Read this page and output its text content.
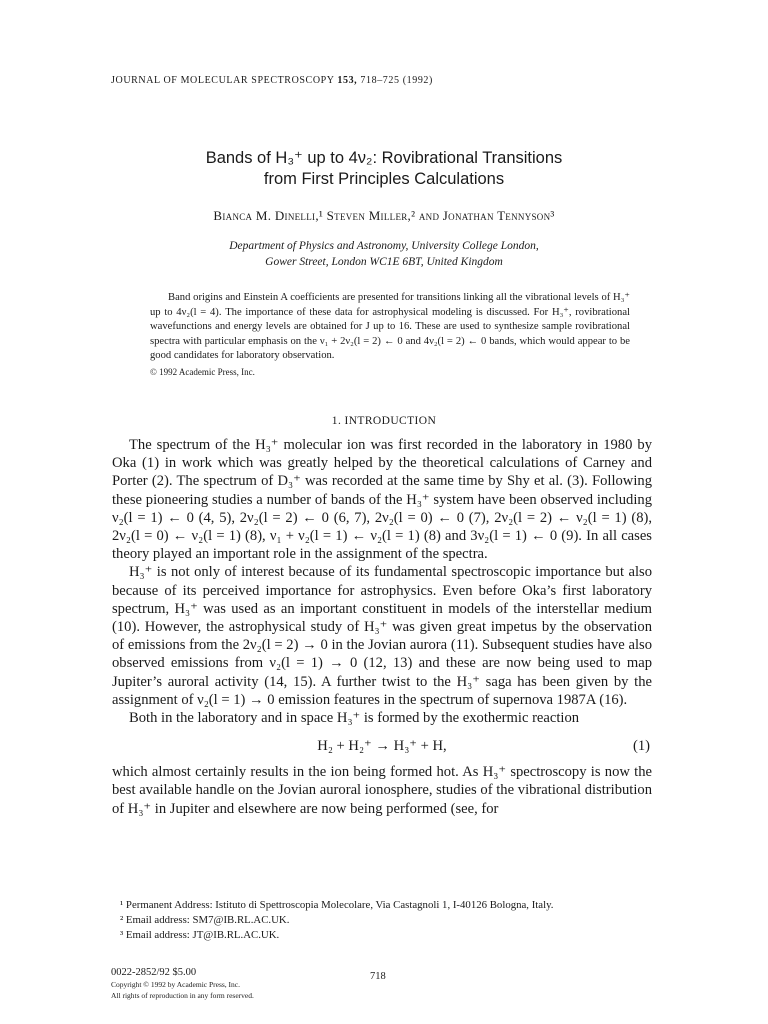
JOURNAL OF MOLECULAR SPECTROSCOPY 153, 718–725 (1992)
Bands of H₃⁺ up to 4ν₂: Rovibrational Transitions
from First Principles Calculations
Bianca M. Dinelli,¹ Steven Miller,² and Jonathan Tennyson³
Department of Physics and Astronomy, University College London,
Gower Street, London WC1E 6BT, United Kingdom

Band origins and Einstein A coefficients are presented for transitions linking all the vibrational levels of H₃⁺ up to 4ν₂(l = 4). The importance of these data for astrophysical modeling is discussed. For H₃⁺, rovibrational wavefunctions and energy levels are obtained for J up to 16. These are used to synthesize sample rovibrational spectra with particular emphasis on the ν₁ + 2ν₂(l = 2) ← 0 and 4ν₂(l = 2) ← 0 bands, which would appear to be good candidates for laboratory observation.

© 1992 Academic Press, Inc.

1. INTRODUCTION

The spectrum of the H₃⁺ molecular ion was first recorded in the laboratory in 1980 by Oka (1) in work which was greatly helped by the theoretical calculations of Carney and Porter (2). The spectrum of D₃⁺ was recorded at the same time by Shy et al. (3). Following these pioneering studies a number of bands of the H₃⁺ system have been observed including ν₂(l = 1) ← 0 (4, 5), 2ν₂(l = 2) ← 0 (6, 7), 2ν₂(l = 0) ← 0 (7), 2ν₂(l = 2) ← ν₂(l = 1) (8), 2ν₂(l = 0) ← ν₂(l = 1) (8), ν₁ + ν₂(l = 1) ← ν₂(l = 1) (8) and 3ν₂(l = 1) ← 0 (9). In all cases theory played an important role in the assignment of the spectra.

H₃⁺ is not only of interest because of its fundamental spectroscopic importance but also because of its perceived importance for astrophysics. Even before Oka’s first laboratory spectrum, H₃⁺ was used as an important constituent in models of the interstellar medium (10). However, the astrophysical study of H₃⁺ was given great impetus by the observation of emissions from the 2ν₂(l = 2) → 0 in the Jovian aurora (11). Subsequent studies have also observed emissions from ν₂(l = 1) → 0 (12, 13) and these are now being used to map Jupiter’s auroral activity (14, 15). A further twist to the H₃⁺ saga has been given by the assignment of ν₂(l = 1) → 0 emission features in the spectrum of supernova 1987A (16).

Both in the laboratory and in space H₃⁺ is formed by the exothermic reaction

H₂ + H₂⁺ → H₃⁺ + H,	(1)

which almost certainly results in the ion being formed hot. As H₃⁺ spectroscopy is now the best available handle on the Jovian auroral ionosphere, studies of the vibrational distribution of H₃⁺ in Jupiter and elsewhere are now being performed (see, for

¹ Permanent Address: Istituto di Spettroscopia Molecolare, Via Castagnoli 1, I-40126 Bologna, Italy.
² Email address: SM7@IB.RL.AC.UK.
³ Email address: JT@IB.RL.AC.UK.
0022-2852/92 $5.00
Copyright © 1992 by Academic Press, Inc.
All rights of reproduction in any form reserved.
718
